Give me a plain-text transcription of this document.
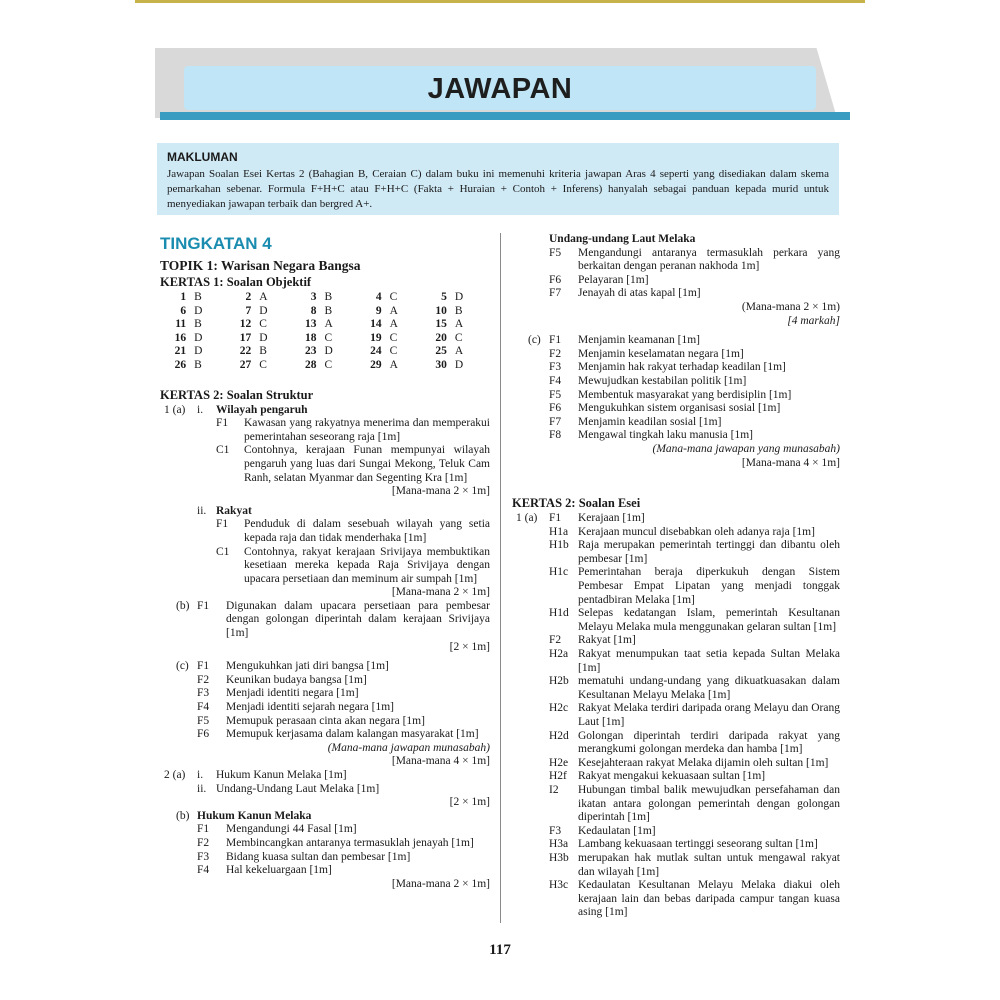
JAWAPAN
MAKLUMAN
Jawapan Soalan Esei Kertas 2 (Bahagian B, Ceraian C) dalam buku ini memenuhi kriteria jawapan Aras 4 seperti yang disediakan dalam skema pemarkahan sebenar. Formula F+H+C atau F+H+C (Fakta + Huraian + Contoh + Inferens) hanyalah sebagai panduan kepada murid untuk menyediakan jawapan terbaik dan bergred A+.
TINGKATAN 4
TOPIK 1: Warisan Negara Bangsa
KERTAS 1: Soalan Objektif
1	B	2	A	3	B	4	C	5	D
6	D	7	D	8	B	9	A	10	B
11	B	12	C	13	A	14	A	15	A
16	D	17	D	18	C	19	C	20	C
21	D	22	B	23	D	24	C	25	A
26	B	27	C	28	C	29	A	30	D
KERTAS 2: Soalan Struktur
1 (a) i. Wilayah pengaruh
F1 Kawasan yang rakyatnya menerima dan memperakui pemerintahan seseorang raja [1m]
C1 Contohnya, kerajaan Funan mempunyai wilayah pengaruh yang luas dari Sungai Mekong, Teluk Cam Ranh, selatan Myanmar dan Segenting Kra [1m]
[Mana-mana 2 × 1m]
ii. Rakyat
F1 Penduduk di dalam sesebuah wilayah yang setia kepada raja dan tidak menderhaka [1m]
C1 Contohnya, rakyat kerajaan Srivijaya membuktikan kesetiaan mereka kepada Raja Srivijaya dengan upacara persetiaan dan meminum air sumpah [1m]
[Mana-mana 2 × 1m]
(b) F1 Digunakan dalam upacara persetiaan para pembesar dengan golongan diperintah dalam kerajaan Srivijaya [1m]
[2 × 1m]
(c) F1 Mengukuhkan jati diri bangsa [1m]
F2 Keunikan budaya bangsa [1m]
F3 Menjadi identiti negara [1m]
F4 Menjadi identiti sejarah negara [1m]
F5 Memupuk perasaan cinta akan negara [1m]
F6 Memupuk kerjasama dalam kalangan masyarakat [1m]
(Mana-mana jawapan munasabah)
[Mana-mana 4 × 1m]
2 (a) i. Hukum Kanun Melaka [1m]
ii. Undang-Undang Laut Melaka [1m]
[2 × 1m]
(b) Hukum Kanun Melaka
F1 Mengandungi 44 Fasal [1m]
F2 Membincangkan antaranya termasuklah jenayah [1m]
F3 Bidang kuasa sultan dan pembesar [1m]
F4 Hal kekeluargaan [1m]
[Mana-mana 2 × 1m]
Undang-undang Laut Melaka
F5 Mengandungi antaranya termasuklah perkara yang berkaitan dengan peranan nakhoda 1m]
F6 Pelayaran [1m]
F7 Jenayah di atas kapal [1m]
(Mana-mana 2 × 1m)
[4 markah]
(c) F1 Menjamin keamanan [1m]
F2 Menjamin keselamatan negara [1m]
F3 Menjamin hak rakyat terhadap keadilan [1m]
F4 Mewujudkan kestabilan politik [1m]
F5 Membentuk masyarakat yang berdisiplin [1m]
F6 Mengukuhkan sistem organisasi sosial [1m]
F7 Menjamin keadilan sosial [1m]
F8 Mengawal tingkah laku manusia [1m]
(Mana-mana jawapan yang munasabah)
[Mana-mana 4 × 1m]
KERTAS 2: Soalan Esei
1 (a) F1 Kerajaan [1m]
H1a Kerajaan muncul disebabkan oleh adanya raja [1m]
H1b Raja merupakan pemerintah tertinggi dan dibantu oleh pembesar [1m]
H1c Pemerintahan beraja diperkukuh dengan Sistem Pembesar Empat Lipatan yang menjadi tonggak pentadbiran Melaka [1m]
H1d Selepas kedatangan Islam, pemerintah Kesultanan Melayu Melaka mula menggunakan gelaran sultan [1m]
F2 Rakyat [1m]
H2a Rakyat menumpukan taat setia kepada Sultan Melaka [1m]
H2b mematuhi undang-undang yang dikuatkuasakan dalam Kesultanan Melayu Melaka [1m]
H2c Rakyat Melaka terdiri daripada orang Melayu dan Orang Laut [1m]
H2d Golongan diperintah terdiri daripada rakyat yang merangkumi golongan merdeka dan hamba [1m]
H2e Kesejahteraan rakyat Melaka dijamin oleh sultan [1m]
H2f Rakyat mengakui kekuasaan sultan [1m]
I2 Hubungan timbal balik mewujudkan persefahaman dan ikatan antara golongan pemerintah dengan golongan diperintah [1m]
F3 Kedaulatan [1m]
H3a Lambang kekuasaan tertinggi seseorang sultan [1m]
H3b merupakan hak mutlak sultan untuk mengawal rakyat dan wilayah [1m]
H3c Kedaulatan Kesultanan Melayu Melaka diakui oleh kerajaan lain dan bebas daripada campur tangan kuasa asing [1m]
117
